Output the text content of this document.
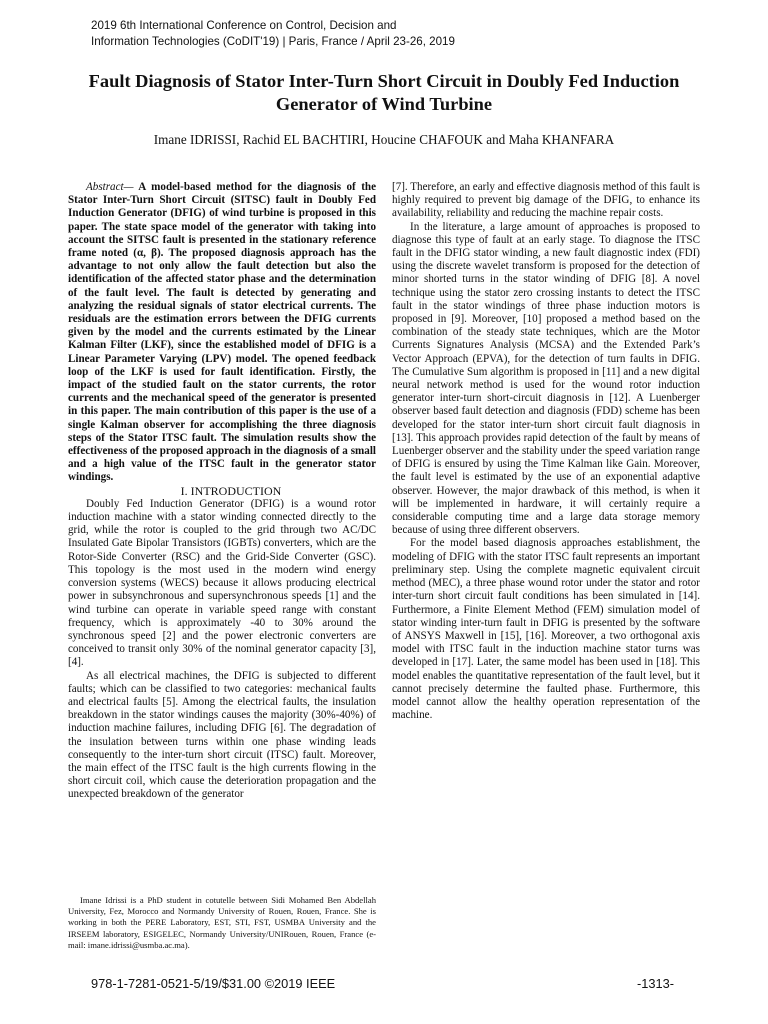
2019 6th International Conference on Control, Decision and
Information Technologies (CoDIT'19) | Paris, France / April 23-26, 2019
Fault Diagnosis of Stator Inter-Turn Short Circuit in Doubly Fed Induction Generator of Wind Turbine
Imane IDRISSI, Rachid EL BACHTIRI, Houcine CHAFOUK and Maha KHANFARA

Abstract— A model-based method for the diagnosis of the Stator Inter-Turn Short Circuit (SITSC) fault in Doubly Fed Induction Generator (DFIG) of wind turbine is proposed in this paper. The state space model of the generator with taking into account the SITSC fault is presented in the stationary reference frame noted (α, β). The proposed diagnosis approach has the advantage to not only allow the fault detection but also the identification of the affected stator phase and the determination of the fault level. The fault is detected by generating and analyzing the residual signals of stator electrical currents. The residuals are the estimation errors between the DFIG currents given by the model and the currents estimated by the Linear Kalman Filter (LKF), since the established model of DFIG is a Linear Parameter Varying (LPV) model. The opened feedback loop of the LKF is used for fault identification. Firstly, the impact of the studied fault on the stator currents, the rotor currents and the mechanical speed of the generator is presented in this paper. The main contribution of this paper is the use of a single Kalman observer for accomplishing the three diagnosis steps of the Stator ITSC fault. The simulation results show the effectiveness of the proposed approach in the diagnosis of a small and a high value of the ITSC fault in the generator stator windings.

I. INTRODUCTION

Doubly Fed Induction Generator (DFIG) is a wound rotor induction machine with a stator winding connected directly to the grid, while the rotor is coupled to the grid through two AC/DC Insulated Gate Bipolar Transistors (IGBTs) converters, which are the Rotor-Side Converter (RSC) and the Grid-Side Converter (GSC). This topology is the most used in the modern wind energy conversion systems (WECS) because it allows producing electrical power in subsynchronous and supersynchronous speeds [1] and the wind turbine can operate in variable speed range with constant frequency, which is approximately -40 to 30% around the synchronous speed [2] and the power electronic converters are conceived to transit only 30% of the nominal generator capacity [3], [4].

As all electrical machines, the DFIG is subjected to different faults; which can be classified to two categories: mechanical faults and electrical faults [5]. Among the electrical faults, the insulation breakdown in the stator windings causes the majority (30%-40%) of induction machine failures, including DFIG [6]. The degradation of the insulation between turns within one phase winding leads consequently to the inter-turn short circuit (ITSC) fault. Moreover, the main effect of the ITSC fault is the high currents flowing in the short circuit coil, which cause the deterioration propagation and the unexpected breakdown of the generator

[7]. Therefore, an early and effective diagnosis method of this fault is highly required to prevent big damage of the DFIG, to enhance its availability, reliability and reducing the machine repair costs.

In the literature, a large amount of approaches is proposed to diagnose this type of fault at an early stage. To diagnose the ITSC fault in the DFIG stator winding, a new fault diagnostic index (FDI) using the discrete wavelet transform is proposed for the detection of minor shorted turns in the stator winding of DFIG [8]. A novel technique using the stator zero crossing instants to detect the ITSC fault in the stator windings of three phase induction motors is proposed in [9]. Moreover, [10] proposed a method based on the combination of the steady state techniques, which are the Motor Currents Signatures Analysis (MCSA) and the Extended Park’s Vector Approach (EPVA), for the detection of turn faults in DFIG. The Cumulative Sum algorithm is proposed in [11] and a new digital neural network method is used for the wound rotor induction generator inter-turn short-circuit diagnosis in [12]. A Luenberger observer based fault detection and diagnosis (FDD) scheme has been developed for the stator inter-turn short circuit fault diagnosis in [13]. This approach provides rapid detection of the fault by means of Luenberger observer and the stability under the speed variation range of DFIG is ensured by using the Time Kalman like Gain. Moreover, the fault level is estimated by the use of an exponential adaptive observer. However, the major drawback of this method, is when it will be implemented in hardware, it will certainly require a considerable computing time and a large data storage memory because of using three different observers.

For the model based diagnosis approaches establishment, the modeling of DFIG with the stator ITSC fault represents an important preliminary step. Using the complete magnetic equivalent circuit method (MEC), a three phase wound rotor under the stator and rotor inter-turn short circuit fault conditions has been simulated in [14]. Furthermore, a Finite Element Method (FEM) simulation model of stator winding inter-turn fault in DFIG is presented by the software of ANSYS Maxwell in [15], [16]. Moreover, a two orthogonal axis model with ITSC fault in the induction machine stator turns was developed in [17]. Later, the same model has been used in [18]. This model enables the quantitative representation of the fault level, but it cannot precisely determine the faulted phase. Furthermore, this model cannot allow the healthy operation representation of the machine.

Imane Idrissi is a PhD student in cotutelle between Sidi Mohamed Ben Abdellah University, Fez, Morocco and Normandy University of Rouen, Rouen, France. She is working in both the PERE Laboratory, EST, STI, FST, USMBA University and the IRSEEM laboratory, ESIGELEC, Normandy University/UNIRouen, Rouen, France (e-mail: imane.idrissi@usmba.ac.ma).
978-1-7281-0521-5/19/$31.00 ©2019 IEEE	-1313-
